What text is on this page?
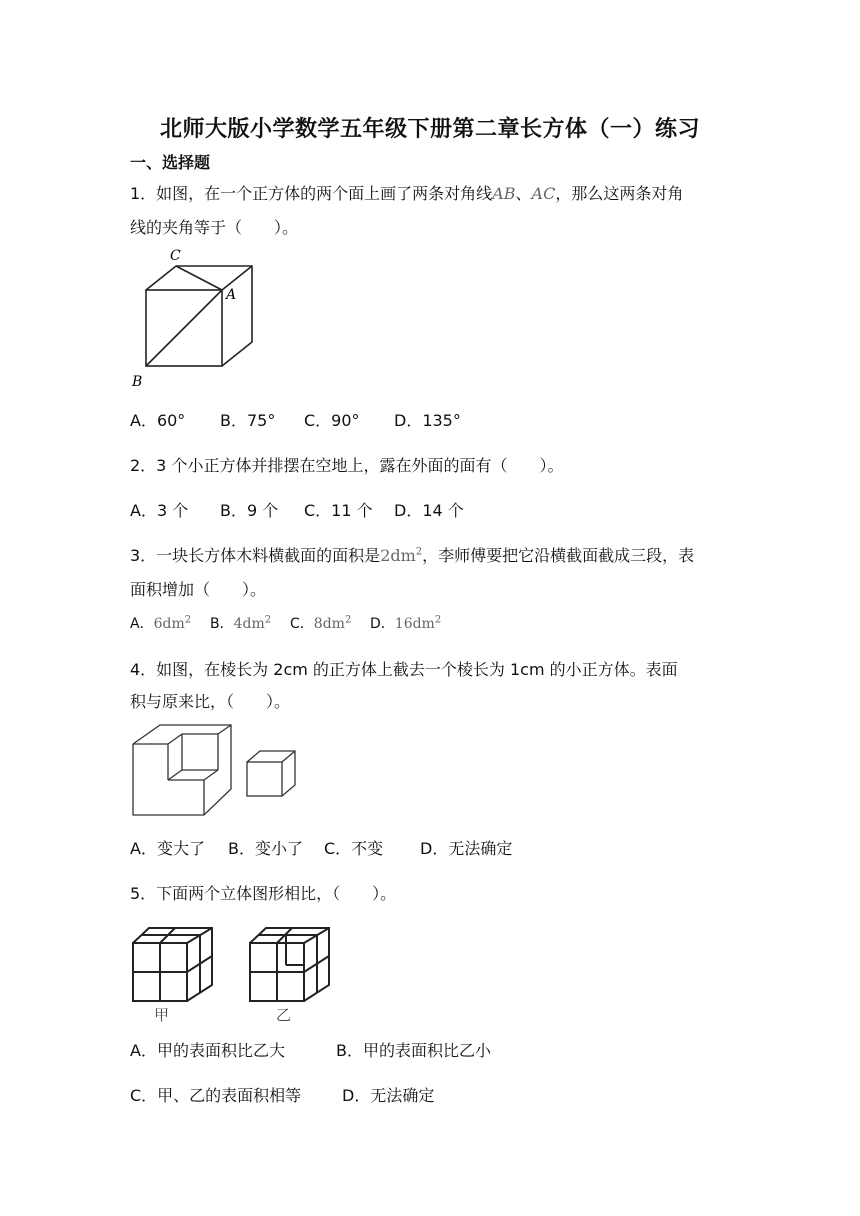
北师大版小学数学五年级下册第二章长方体（一）练习
一、选择题
1．如图，在一个正方体的两个面上画了两条对角线AB、AC，那么这两条对角
线的夹角等于（　　）。
C
A
B
A．60° B．75° C．90° D．135°
2．3 个小正方体并排摆在空地上，露在外面的面有（　　）。
A．3 个 B．9 个 C．11 个 D．14 个
3．一块长方体木料横截面的面积是$2dm^2$，李师傅要把它沿横截面截成三段，表
面积增加（　　）。
A．$6dm^2$ B．$4dm^2$ C．$8dm^2$ D．$16dm^2$
4．如图，在棱长为 2cm 的正方体上截去一个棱长为 1cm 的小正方体。表面
积与原来比，（　　）。
A．变大了 B．变小了 C．不变 D．无法确定
5．下面两个立体图形相比，（　　）。
甲	乙
A．甲的表面积比乙大	B．甲的表面积比乙小
C．甲、乙的表面积相等	D．无法确定
